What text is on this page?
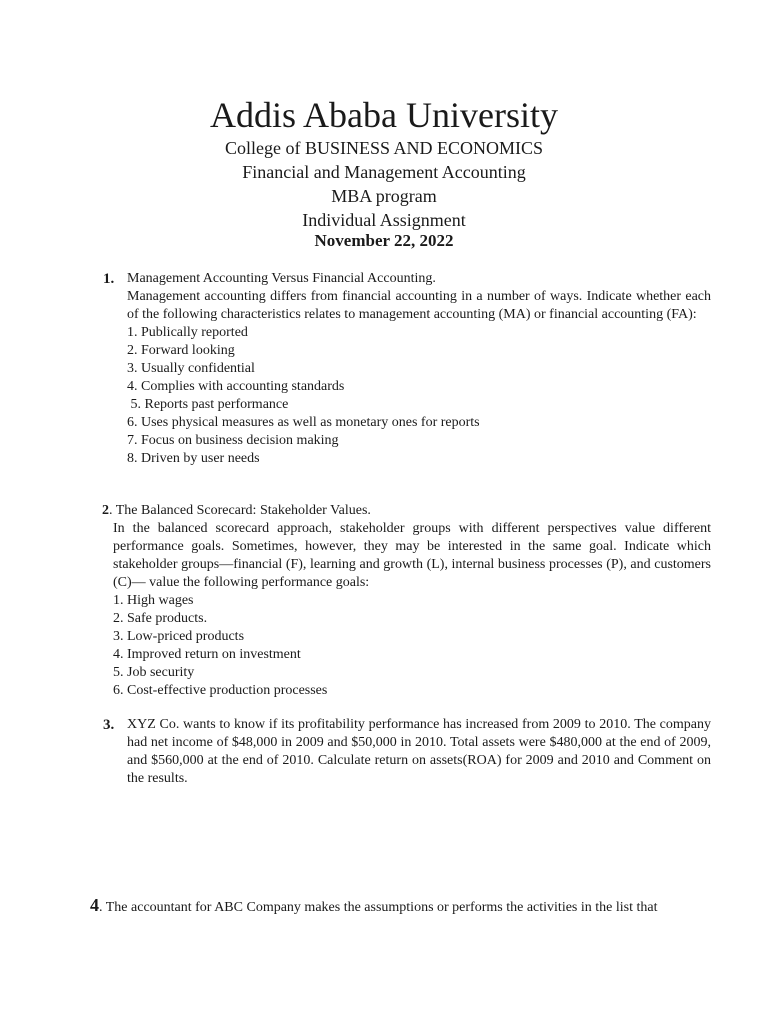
Addis Ababa University
College of BUSINESS AND ECONOMICS
Financial and Management Accounting
MBA program
Individual Assignment
November 22, 2022
1. Management Accounting Versus Financial Accounting.
Management accounting differs from financial accounting in a number of ways. Indicate whether each of the following characteristics relates to management accounting (MA) or financial accounting (FA):
1. Publically reported
2. Forward looking
3. Usually confidential
4. Complies with accounting standards
5. Reports past performance
6. Uses physical measures as well as monetary ones for reports
7. Focus on business decision making
8. Driven by user needs
2. The Balanced Scorecard: Stakeholder Values.
In the balanced scorecard approach, stakeholder groups with different perspectives value different performance goals. Sometimes, however, they may be interested in the same goal. Indicate which stakeholder groups—financial (F), learning and growth (L), internal business processes (P), and customers (C)— value the following performance goals:
1. High wages
2. Safe products.
3. Low-priced products
4. Improved return on investment
5. Job security
6. Cost-effective production processes
3. XYZ Co. wants to know if its profitability performance has increased from 2009 to 2010. The company had net income of $48,000 in 2009 and $50,000 in 2010. Total assets were $480,000 at the end of 2009, and $560,000 at the end of 2010. Calculate return on assets(ROA) for 2009 and 2010 and Comment on the results.
4. The accountant for ABC Company makes the assumptions or performs the activities in the list that
